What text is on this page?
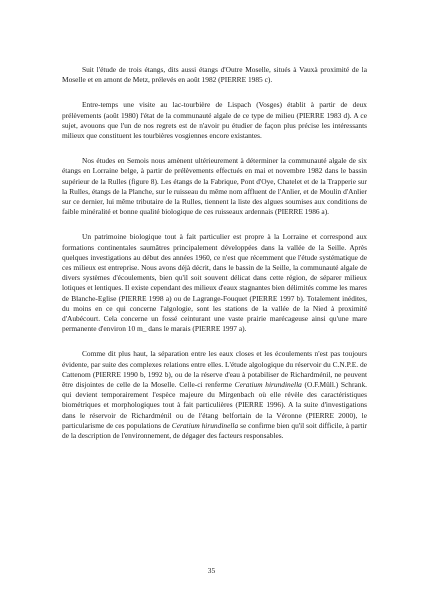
Suit l'étude de trois étangs, dits aussi étangs d'Outre Moselle, situés à Vauxà proximité de la Moselle et en amont de Metz, prélevés en août 1982 (PIERRE 1985 c).

Entre-temps une visite au lac-tourbière de Lispach (Vosges) établit à partir de deux prélèvements (août 1980) l'état de la communauté algale de ce type de milieu (PIERRE 1983 d). A ce sujet, avouons que l'un de nos regrets est de n'avoir pu étudier de façon plus précise les intéressants milieux que constituent les tourbières vosgiennes encore existantes.

Nos études en Semois nous amènent ultérieurement à déterminer la communauté algale de six étangs en Lorraine belge, à partir de prélèvements effectués en mai et novembre 1982 dans le bassin supérieur de la Rulles (figure 8). Les étangs de la Fabrique, Pont d'Oye, Chatelet et de la Trapperie sur la Rulles, étangs de la Planche, sur le ruisseau du même nom affluent de l'Anlier, et de Moulin d'Anlier sur ce dernier, lui même tributaire de la Rulles, tiennent la liste des algues soumises aux conditions de faible minéralité et bonne qualité biologique de ces ruisseaux ardennais (PIERRE 1986 a).

Un patrimoine biologique tout à fait particulier est propre à la Lorraine et correspond aux formations continentales saumâtres principalement développées dans la vallée de la Seille. Après quelques investigations au début des années 1960, ce n'est que récemment que l'étude systématique de ces milieux est entreprise. Nous avons déjà décrit, dans le bassin de la Seille, la communauté algale de divers systèmes d'écoulements, bien qu'il soit souvent délicat dans cette région, de séparer milieux lotiques et lentiques. Il existe cependant des milieux d'eaux stagnantes bien délimités comme les mares de Blanche-Eglise (PIERRE 1998 a) ou de Lagrange-Fouquet (PIERRE 1997 b). Totalement inédites, du moins en ce qui concerne l'algologie, sont les stations de la vallée de la Nied à proximité d'Aubécourt. Cela concerne un fossé ceinturant une vaste prairie marécageuse ainsi qu'une mare permanente d'environ 10 m_ dans le marais (PIERRE 1997 a).

Comme dit plus haut, la séparation entre les eaux closes et les écoulements n'est pas toujours évidente, par suite des complexes relations entre elles. L'étude algologique du réservoir du C.N.P.E. de Cattenom (PIERRE 1990 b, 1992 b), ou de la réserve d'eau à potabiliser de Richardménil, ne peuvent être disjointes de celle de la Moselle. Celle-ci renferme Ceratium hirundinella (O.F.Müll.) Schrank. qui devient temporairement l'espèce majeure du Mirgenbach où elle révèle des caractéristiques biométriques et morphologiques tout à fait particulières (PIERRE 1996). A la suite d'investigations dans le réservoir de Richardménil ou de l'étang belfortain de la Véronne (PIERRE 2000), le particularisme de ces populations de Ceratium hirundinella se confirme bien qu'il soit difficile, à partir de la description de l'environnement, de dégager des facteurs responsables.

35
